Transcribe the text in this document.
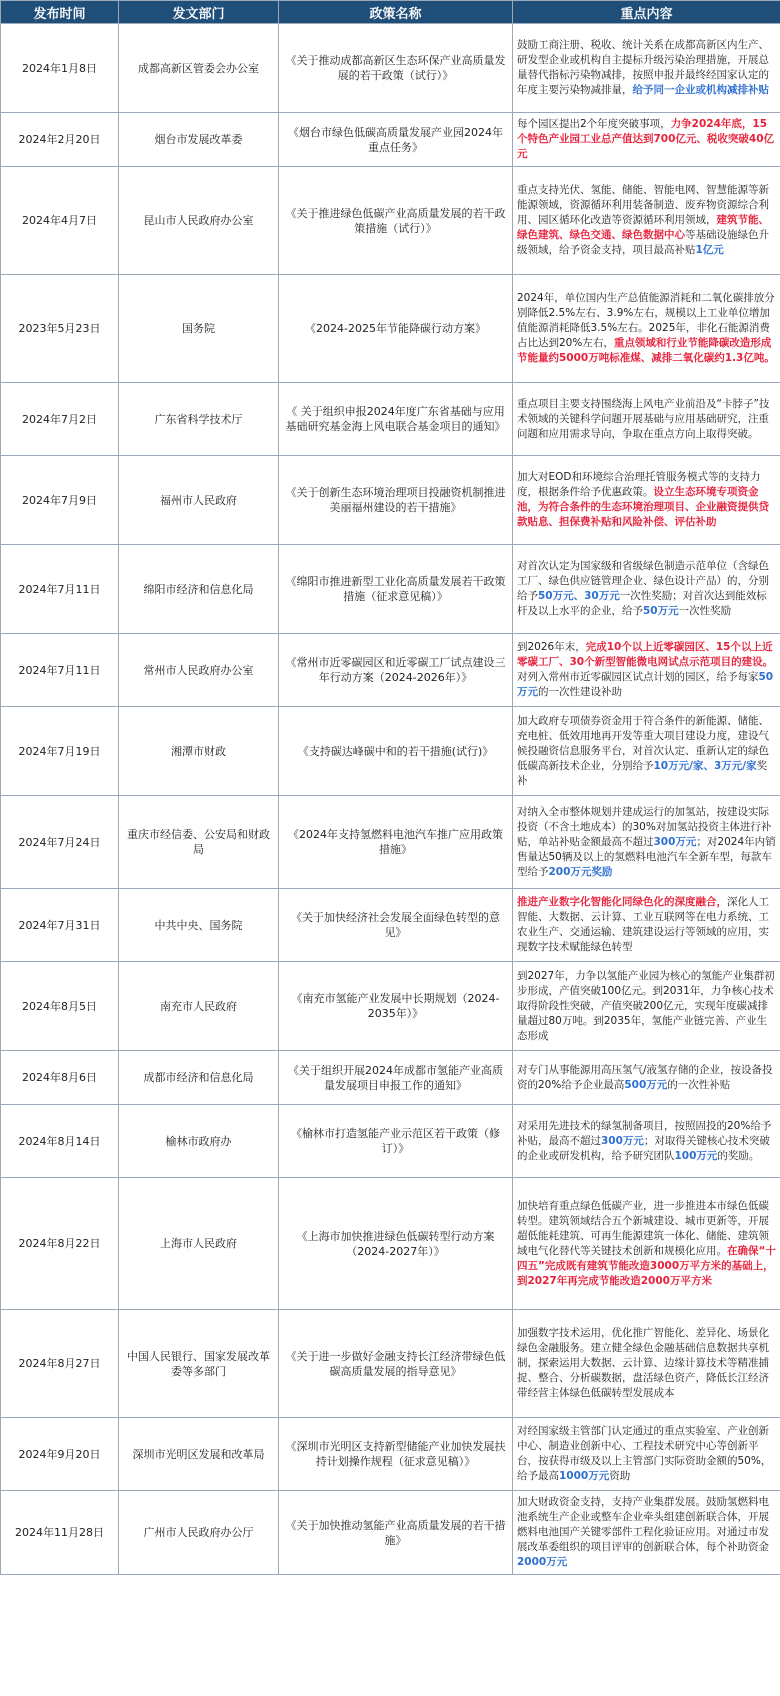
发布时间	发文部门	政策名称	重点内容
2024年1月8日	成都高新区管委会办公室	《关于推动成都高新区生态环保产业高质量发展的若干政策（试行）》	鼓励工商注册、税收、统计关系在成都高新区内生产、研发型企业或机构自主提标升级污染治理措施，开展总量替代指标污染物减排，按照申报并最终经国家认定的年度主要污染物减排量，给予同一企业或机构减排补贴
2024年2月20日	烟台市发展改革委	《烟台市绿色低碳高质量发展产业园2024年重点任务》	每个园区提出2个年度突破事项，力争2024年底，15个特色产业园工业总产值达到700亿元、税收突破40亿元
2024年4月7日	昆山市人民政府办公室	《关于推进绿色低碳产业高质量发展的若干政策措施（试行）》	重点支持光伏、氢能、储能、智能电网、智慧能源等新能源领域，资源循环利用装备制造、废弃物资源综合利用、园区循环化改造等资源循环利用领域，建筑节能、绿色建筑、绿色交通、绿色数据中心等基础设施绿色升级领域，给予资金支持，项目最高补贴1亿元
2023年5月23日	国务院	《2024-2025年节能降碳行动方案》	2024年，单位国内生产总值能源消耗和二氧化碳排放分别降低2.5%左右、3.9%左右，规模以上工业单位增加值能源消耗降低3.5%左右。2025年，非化石能源消费占比达到20%左右，重点领域和行业节能降碳改造形成节能量约5000万吨标准煤、减排二氧化碳约1.3亿吨。
2024年7月2日	广东省科学技术厅	《 关于组织申报2024年度广东省基础与应用基础研究基金海上风电联合基金项目的通知》	重点项目主要支持围绕海上风电产业前沿及“卡脖子”技术领域的关键科学问题开展基础与应用基础研究，注重问题和应用需求导向，争取在重点方向上取得突破。
2024年7月9日	福州市人民政府	《关于创新生态环境治理项目投融资机制推进美丽福州建设的若干措施》	加大对EOD和环境综合治理托管服务模式等的支持力度，根据条件给予优惠政策。设立生态环境专项资金池，为符合条件的生态环境治理项目、企业融资提供贷款贴息、担保费补贴和风险补偿、评估补助
2024年7月11日	绵阳市经济和信息化局	《绵阳市推进新型工业化高质量发展若干政策措施（征求意见稿）》	对首次认定为国家级和省级绿色制造示范单位（含绿色工厂、绿色供应链管理企业、绿色设计产品）的，分别给予50万元、30万元一次性奖励；对首次达到能效标杆及以上水平的企业，给予50万元一次性奖励
2024年7月11日	常州市人民政府办公室	《常州市近零碳园区和近零碳工厂试点建设三年行动方案（2024-2026年）》	到2026年末，完成10个以上近零碳园区、15个以上近零碳工厂、30个新型智能微电网试点示范项目的建设。对列入常州市近零碳园区试点计划的园区，给予每家50万元的一次性建设补助
2024年7月19日	湘潭市财政	《支持碳达峰碳中和的若干措施(试行)》	加大政府专项债券资金用于符合条件的新能源、储能、充电桩、低效用地再开发等重大项目建设力度，建设气候投融资信息服务平台，对首次认定、重新认定的绿色低碳高新技术企业，分别给予10万元/家、3万元/家奖补
2024年7月24日	重庆市经信委、公安局和财政局	《2024年支持氢燃料电池汽车推广应用政策措施》	对纳入全市整体规划并建成运行的加氢站，按建设实际投资（不含土地成本）的30%对加氢站投资主体进行补贴，单站补贴金额最高不超过300万元；对2024年内销售量达50辆及以上的氢燃料电池汽车全新车型，每款车型给予200万元奖励
2024年7月31日	中共中央、国务院	《关于加快经济社会发展全面绿色转型的意见》	推进产业数字化智能化同绿色化的深度融合，深化人工智能、大数据、云计算、工业互联网等在电力系统、工农业生产、交通运输、建筑建设运行等领域的应用，实现数字技术赋能绿色转型
2024年8月5日	南充市人民政府	《南充市氢能产业发展中长期规划（2024-2035年）》	到2027年，力争以氢能产业园为核心的氢能产业集群初步形成，产值突破100亿元。到2031年，力争核心技术取得阶段性突破，产值突破200亿元，实现年度碳减排量超过80万吨。到2035年，氢能产业链完善、产业生态形成
2024年8月6日	成都市经济和信息化局	《关于组织开展2024年成都市氢能产业高质量发展项目申报工作的通知》	对专门从事能源用高压氢气/液氢存储的企业，按设备投资的20%给予企业最高500万元的一次性补贴
2024年8月14日	榆林市政府办	《榆林市打造氢能产业示范区若干政策（修订）》	对采用先进技术的绿氢制备项目，按照固投的20%给予补贴，最高不超过300万元；对取得关键核心技术突破的企业或研发机构，给予研究团队100万元的奖励。
2024年8月22日	上海市人民政府	《上海市加快推进绿色低碳转型行动方案（2024-2027年）》	加快培育重点绿色低碳产业，进一步推进本市绿色低碳转型。建筑领域结合五个新城建设、城市更新等，开展超低能耗建筑、可再生能源建筑一体化、储能、建筑领域电气化替代等关键技术创新和规模化应用。在确保“十四五”完成既有建筑节能改造3000万平方米的基础上，到2027年再完成节能改造2000万平方米
2024年8月27日	中国人民银行、国家发展改革委等多部门	《关于进一步做好金融支持长江经济带绿色低碳高质量发展的指导意见》	加强数字技术运用，优化推广智能化、差异化、场景化绿色金融服务。建立健全绿色金融基础信息数据共享机制，探索运用大数据、云计算、边缘计算技术等精准捕捉、整合、分析碳数据，盘活绿色资产，降低长江经济带经营主体绿色低碳转型发展成本
2024年9月20日	深圳市光明区发展和改革局	《深圳市光明区支持新型储能产业加快发展扶持计划操作规程（征求意见稿）》	对经国家级主管部门认定通过的重点实验室、产业创新中心、制造业创新中心、工程技术研究中心等创新平台，按获得市级及以上主管部门实际资助金额的50%，给予最高1000万元资助
2024年11月28日	广州市人民政府办公厅	《关于加快推动氢能产业高质量发展的若干措施》	加大财政资金支持，支持产业集群发展。鼓励氢燃料电池系统生产企业或整车企业牵头组建创新联合体，开展燃料电池国产关键零部件工程化验证应用。对通过市发展改革委组织的项目评审的创新联合体，每个补助资金2000万元
